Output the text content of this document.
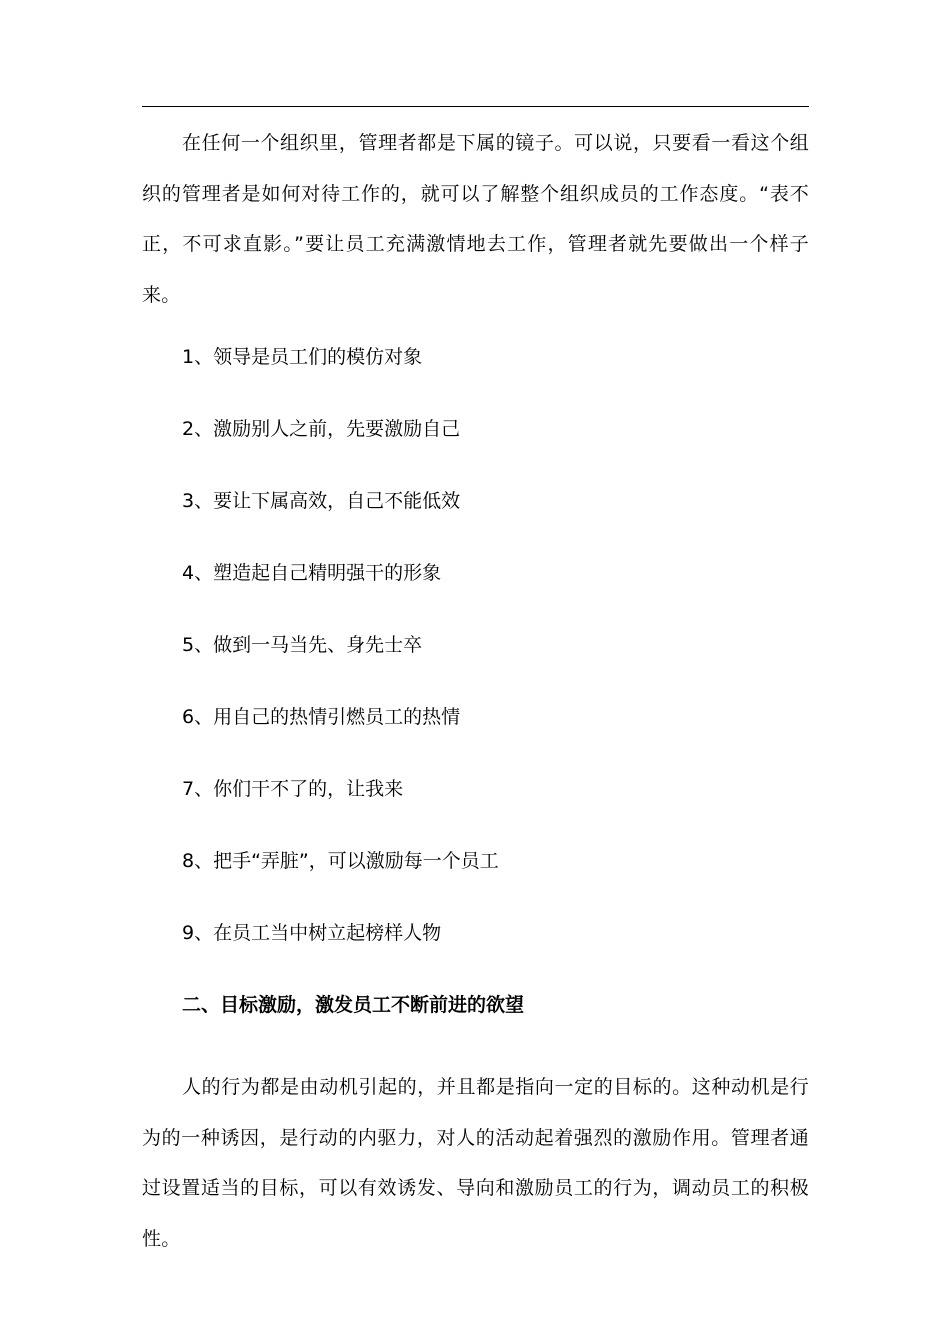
在任何一个组织里，管理者都是下属的镜子。可以说，只要看一看这个组织的管理者是如何对待工作的，就可以了解整个组织成员的工作态度。“表不正，不可求直影。”要让员工充满激情地去工作，管理者就先要做出一个样子来。

1、领导是员工们的模仿对象
2、激励别人之前，先要激励自己
3、要让下属高效，自己不能低效
4、塑造起自己精明强干的形象
5、做到一马当先、身先士卒
6、用自己的热情引燃员工的热情
7、你们干不了的，让我来
8、把手“弄脏”，可以激励每一个员工
9、在员工当中树立起榜样人物
二、目标激励，激发员工不断前进的欲望

人的行为都是由动机引起的，并且都是指向一定的目标的。这种动机是行为的一种诱因，是行动的内驱力，对人的活动起着强烈的激励作用。管理者通过设置适当的目标，可以有效诱发、导向和激励员工的行为，调动员工的积极性。
